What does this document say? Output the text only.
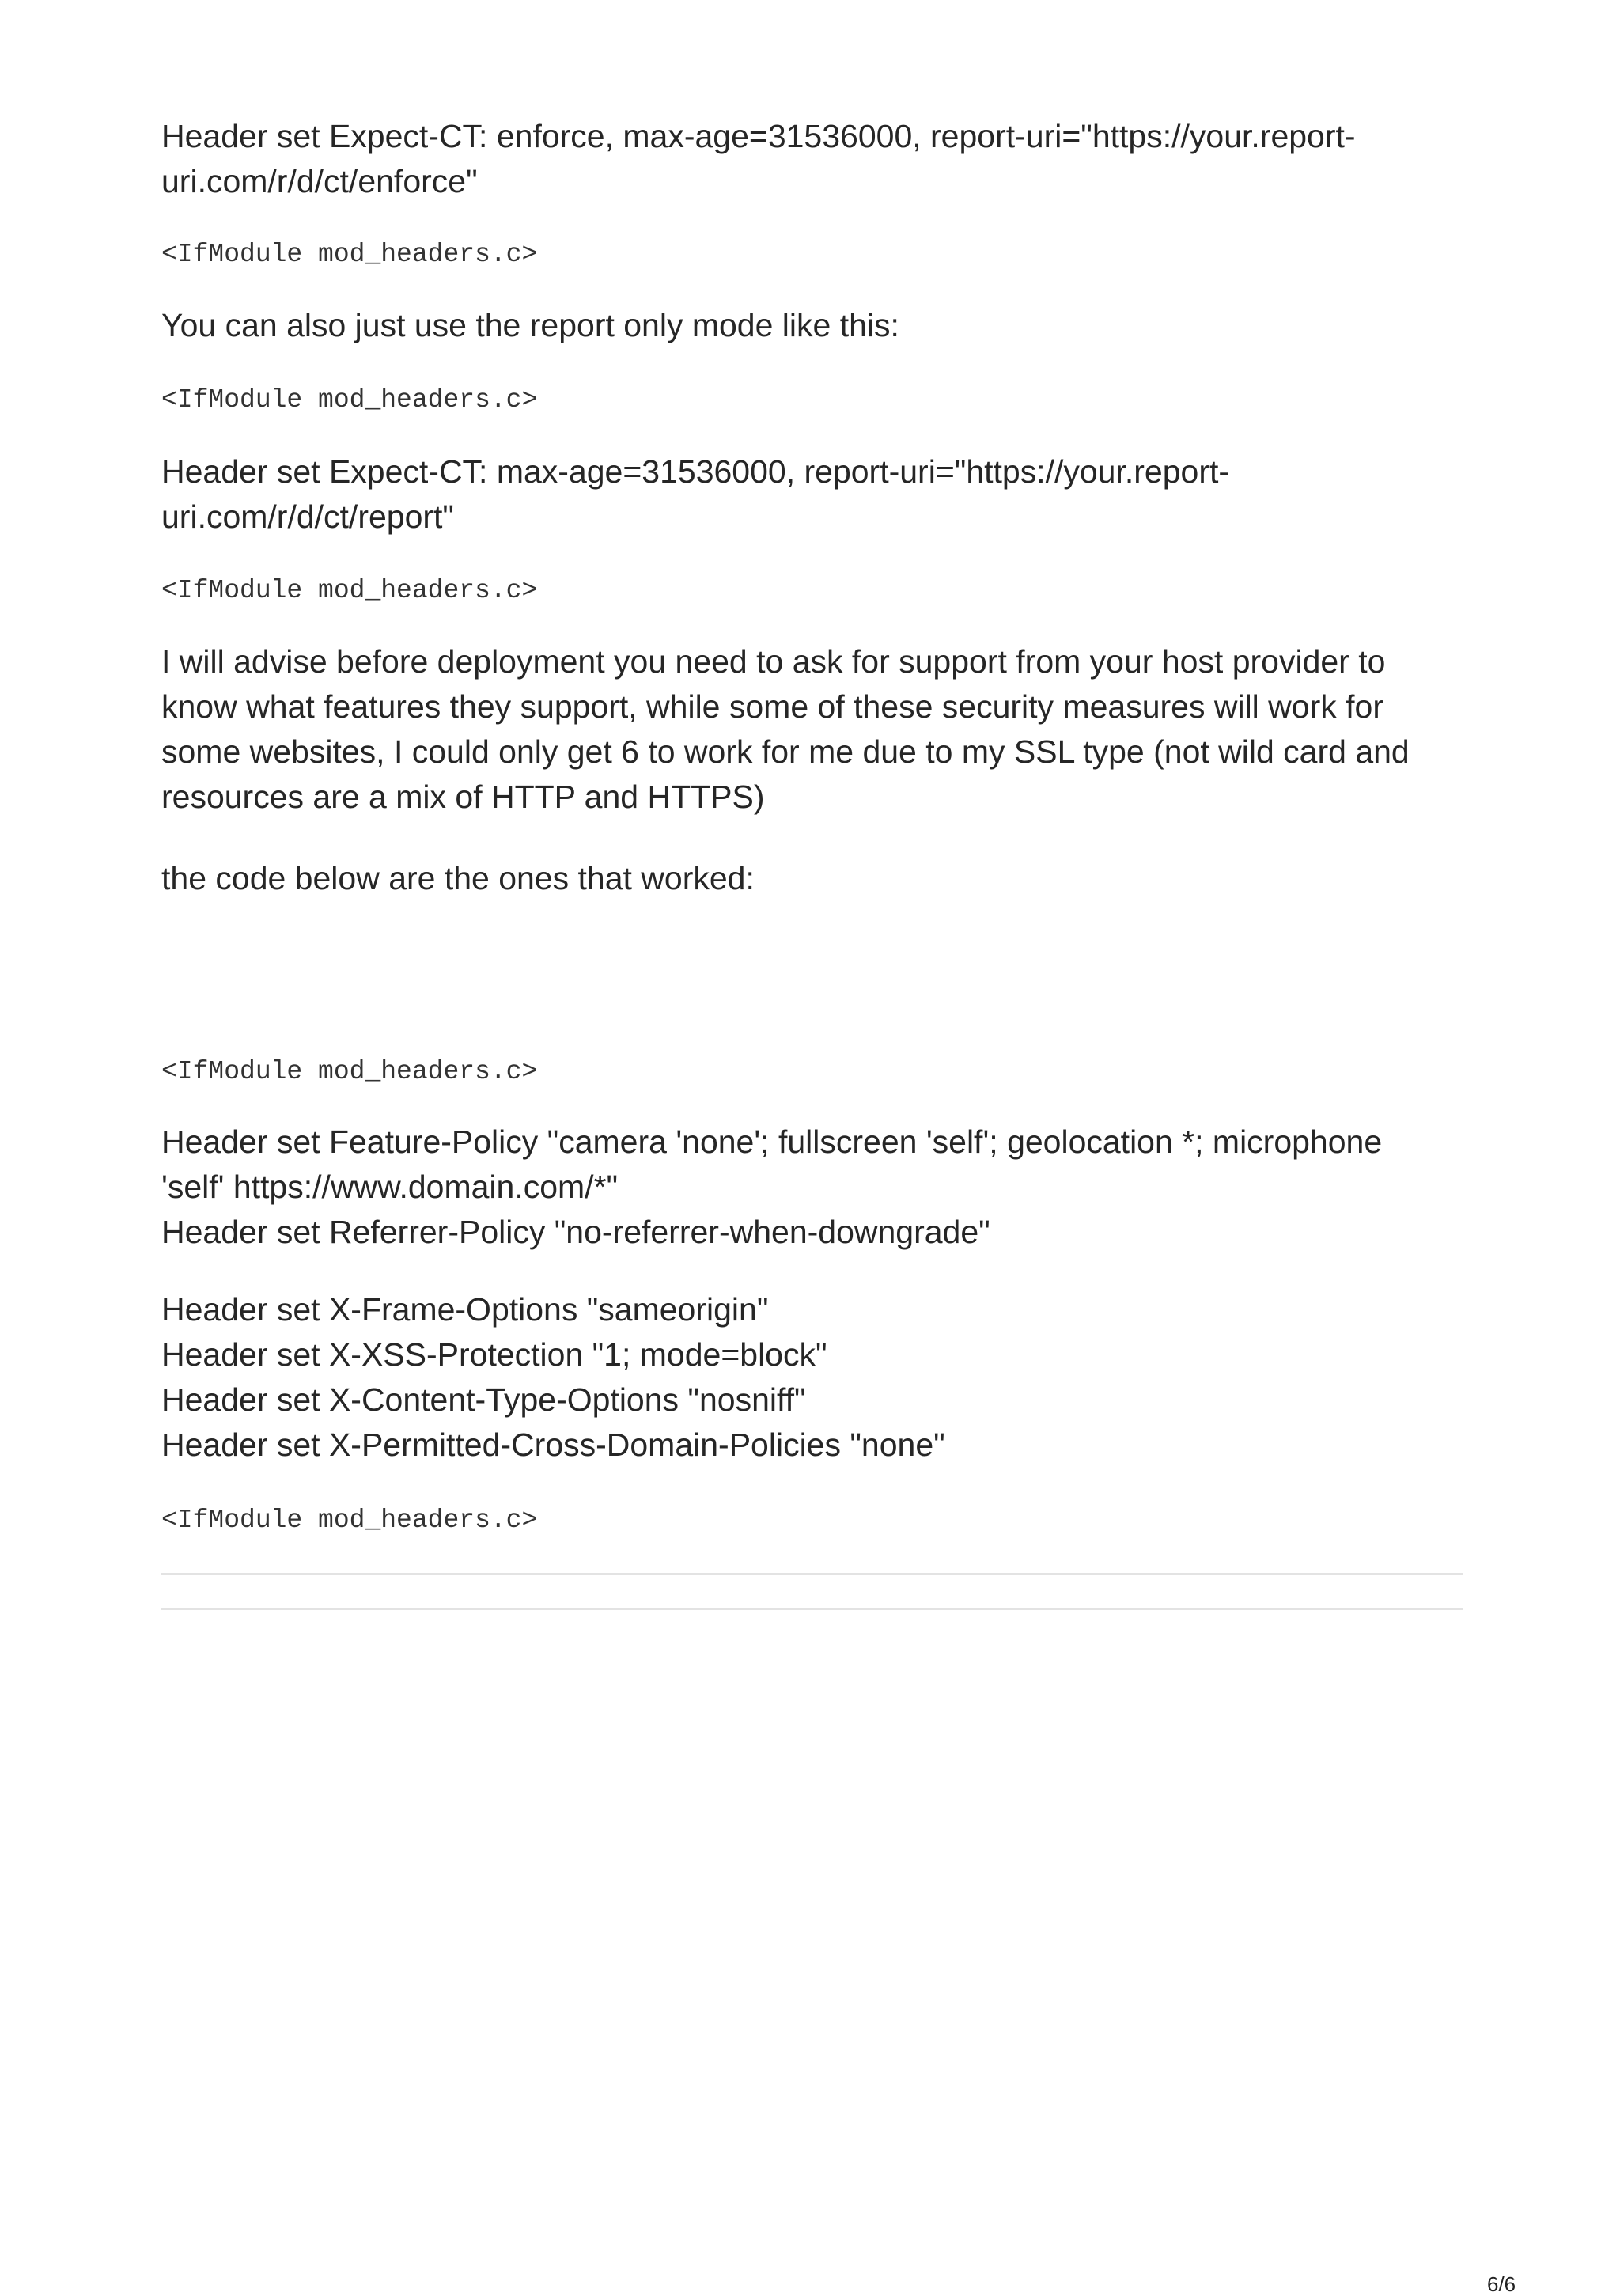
Header set Expect-CT: enforce, max-age=31536000, report-uri="https://your.report-
uri.com/r/d/ct/enforce"

<IfModule mod_headers.c>

You can also just use the report only mode like this:

<IfModule mod_headers.c>

Header set Expect-CT: max-age=31536000, report-uri="https://your.report-
uri.com/r/d/ct/report"

<IfModule mod_headers.c>

I will advise before deployment you need to ask for support from your host provider to
know what features they support, while some of these security measures will work for
some websites, I could only get 6 to work for me due to my SSL type (not wild card and
resources are a mix of HTTP and HTTPS)

the code below are the ones that worked:

<IfModule mod_headers.c>

Header set Feature-Policy "camera 'none'; fullscreen 'self'; geolocation *; microphone
'self' https://www.domain.com/*"
Header set Referrer-Policy "no-referrer-when-downgrade"

Header set X-Frame-Options "sameorigin"
Header set X-XSS-Protection "1; mode=block"
Header set X-Content-Type-Options "nosniff"
Header set X-Permitted-Cross-Domain-Policies "none"

<IfModule mod_headers.c>
6/6
